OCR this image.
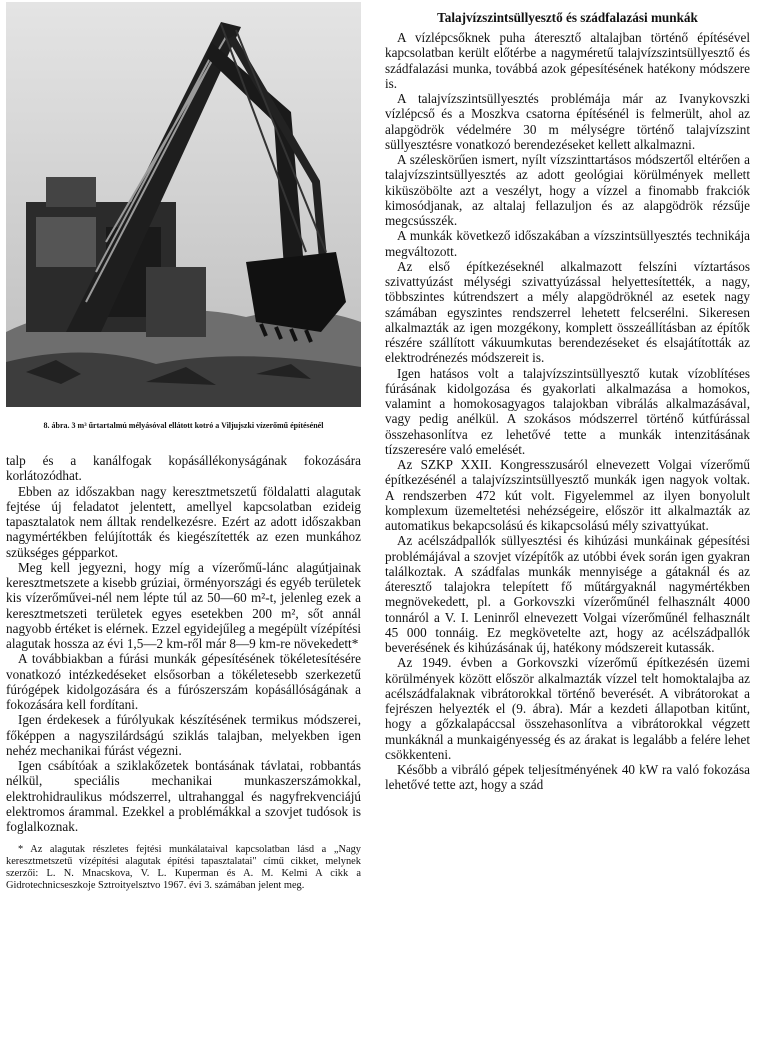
8. ábra. 3 m³ űrtartalmú mélyásóval ellátott kotró a Viljujszki vízerőmű építésénél

talp és a kanálfogak kopásállékonyságának fokozására korlátozódhat.

Ebben az időszakban nagy keresztmetszetű földalatti alagutak fejtése új feladatot jelentett, amellyel kapcsolatban ezideig tapasztalatok nem álltak rendelkezésre. Ezért az adott időszakban nagymértékben felújították és kiegészítették az ezen munkához szükséges gépparkot.

Meg kell jegyezni, hogy míg a vízerőmű-lánc alagútjainak keresztmetszete a kisebb grúziai, örményországi és egyéb területek kis vízerőművei-nél nem lépte túl az 50—60 m²-t, jelenleg ezek a keresztmetszeti területek egyes esetekben 200 m², sőt annál nagyobb értéket is elérnek. Ezzel egyidejűleg a megépült vízépítési alagutak hossza az évi 1,5—2 km-ről már 8—9 km-re növekedett*

A továbbiakban a fúrási munkák gépesítésének tökéletesítésére vonatkozó intézkedéseket elsősorban a tökéletesebb szerkezetű fúrógépek kidolgozására és a fúrószerszám kopásállóságának a fokozására kell fordítani.

Igen érdekesek a fúrólyukak készítésének termikus módszerei, főképpen a nagyszilárdságú sziklás talajban, melyekben igen nehéz mechanikai fúrást végezni.

Igen csábítóak a sziklakőzetek bontásának távlatai, robbantás nélkül, speciális mechanikai munkaszerszámokkal, elektrohidraulikus módszerrel, ultrahanggal és nagyfrekvenciájú elektromos árammal. Ezekkel a problémákkal a szovjet tudósok is foglalkoznak.

* Az alagutak részletes fejtési munkálataival kapcsolatban lásd a „Nagy keresztmetszetű vízépítési alagutak építési tapasztalatai" című cikket, melynek szerzői: L. N. Mnacskova, V. L. Kuperman és A. M. Kelmi A cikk a Gidrotechnicseszkoje Sztroityelsztvo 1967. évi 3. számában jelent meg.

Talajvízszintsüllyesztő és szádfalazási munkák

A vízlépcsőknek puha áteresztő altalajban történő építésével kapcsolatban került előtérbe a nagyméretű talajvízszintsüllyesztő és szádfalazási munka, továbbá azok gépesítésének hatékony módszere is.

A talajvízszintsüllyesztés problémája már az Ivanykovszki vízlépcső és a Moszkva csatorna építésénél is felmerült, ahol az alapgödrök védelmére 30 m mélységre történő talajvízszint süllyesztésre vonatkozó berendezéseket kellett alkalmazni.

A széleskörűen ismert, nyílt vízszinttartásos módszertől eltérően a talajvízszintsüllyesztés az adott geológiai körülmények mellett kiküszöbölte azt a veszélyt, hogy a vízzel a finomabb frakciók kimosódjanak, az altalaj fellazuljon és az alapgödrök rézsűje megcsússzék.

A munkák következő időszakában a vízszintsüllyesztés technikája megváltozott.

Az első építkezéseknél alkalmazott felszíni víztartásos szivattyúzást mélységi szivattyúzással helyettesítették, a nagy, többszintes kútrendszert a mély alapgödröknél az esetek nagy számában egyszintes rendszerrel lehetett felcserélni. Sikeresen alkalmazták az igen mozgékony, komplett összeállításban az építők részére szállított vákuumkutas berendezéseket és elsajátították az elektrodrénezés módszereit is.

Igen hatásos volt a talajvízszintsüllyesztő kutak vízoblítéses fúrásának kidolgozása és gyakorlati alkalmazása a homokos, valamint a homokosagyagos talajokban vibrálás alkalmazásával, vagy pedig anélkül. A szokásos módszerrel történő kútfúrással összehasonlítva ez lehetővé tette a munkák intenzitásának tízszeresére való emelését.

Az SZKP XXII. Kongresszusáról elnevezett Volgai vízerőmű építkezésénél a talajvízszintsüllyesztő munkák igen nagyok voltak. A rendszerben 472 kút volt. Figyelemmel az ilyen bonyolult komplexum üzemeltetési nehézségeire, először itt alkalmazták az automatikus bekapcsolású és kikapcsolású mély szivattyúkat.

Az acélszádpallók süllyesztési és kihúzási munkáinak gépesítési problémájával a szovjet vízépítők az utóbbi évek során igen gyakran találkoztak. A szádfalas munkák mennyisége a gátaknál és az áteresztő talajokra telepített fő műtárgyaknál nagymértékben megnövekedett, pl. a Gorkovszki vízerőműnél felhasznált 4000 tonnáról a V. I. Leninről elnevezett Volgai vízerőműnél felhasznált 45 000 tonnáig. Ez megkövetelte azt, hogy az acélszádpallók beverésének és kihúzásának új, hatékony módszereit kutassák.

Az 1949. évben a Gorkovszki vízerőmű építkezésén üzemi körülmények között először alkalmazták vízzel telt homoktalajba az acélszádfalaknak vibrátorokkal történő beverését. A vibrátorokat a fejrészen helyezték el (9. ábra). Már a kezdeti állapotban kitűnt, hogy a gőzkalapáccsal összehasonlítva a vibrátorokkal végzett munkáknál a munkaigényesség és az árakat is legalább a felére lehet csökkenteni.

Később a vibráló gépek teljesítményének 40 kW ra való fokozása lehetővé tette azt, hogy a szád
